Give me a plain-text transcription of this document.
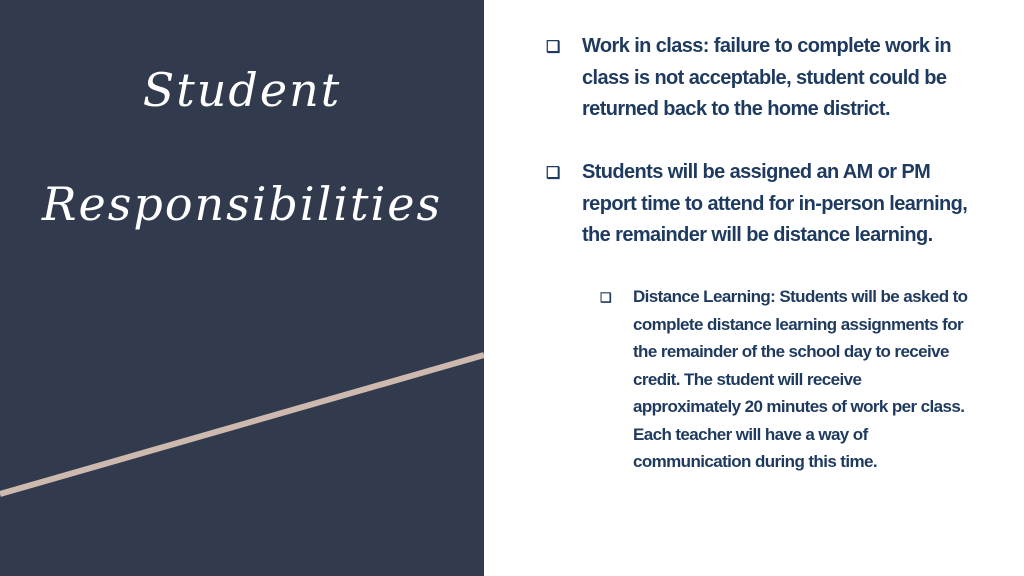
Student
Responsibilities
❑ Work in class: failure to complete work in class is not acceptable, student could be returned back to the home district.
❑ Students will be assigned an AM or PM report time to attend for in-person learning, the remainder will be distance learning.
❑ Distance Learning: Students will be asked to complete distance learning assignments for the remainder of the school day to receive credit. The student will receive approximately 20 minutes of work per class. Each teacher will have a way of communication during this time.
